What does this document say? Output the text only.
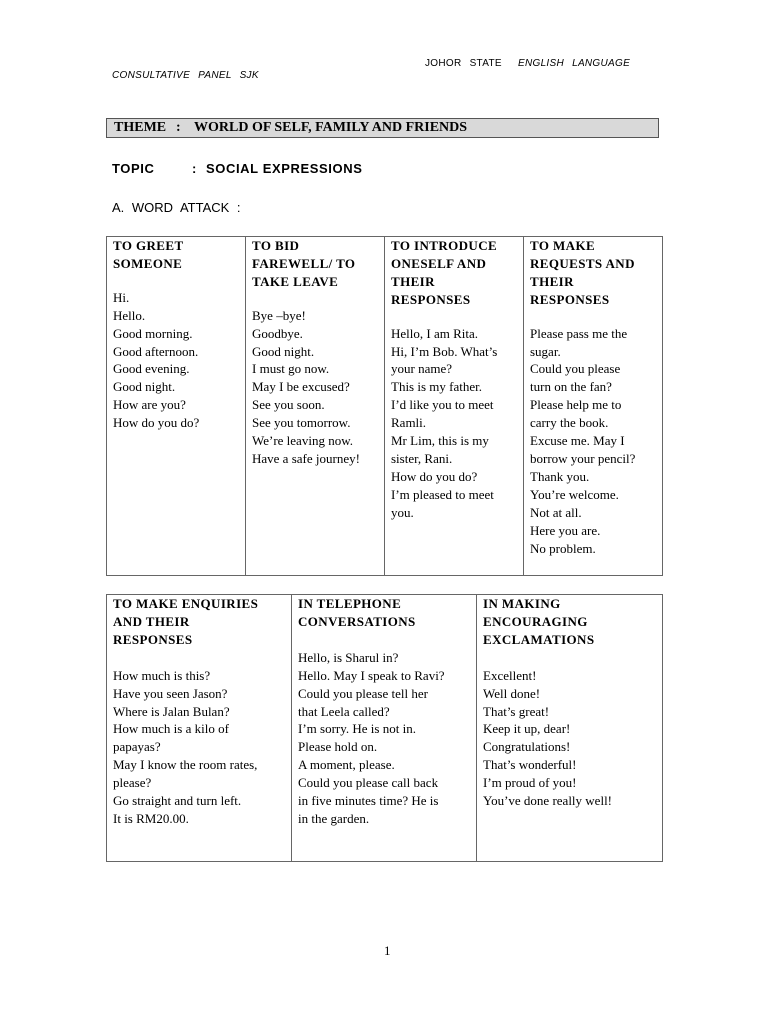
JOHOR STATE ENGLISH LANGUAGE
CONSULTATIVE PANEL SJK
THEME : WORLD OF SELF, FAMILY AND FRIENDS
TOPIC	: SOCIAL EXPRESSIONS
A. WORD ATTACK :
TO GREET
SOMEONE
Hi.
Hello.
Good morning.
Good afternoon.
Good evening.
Good night.
How are you?
How do you do?

TO BID
FAREWELL/ TO
TAKE LEAVE
Bye –bye!
Goodbye.
Good night.
I must go now.
May I be excused?
See you soon.
See you tomorrow.
We’re leaving now.
Have a safe journey!

TO INTRODUCE
ONESELF AND
THEIR
RESPONSES
Hello, I am Rita.
Hi, I’m Bob. What’s
your name?
This is my father.
I’d like you to meet
Ramli.
Mr Lim, this is my
sister, Rani.
How do you do?
I’m pleased to meet
you.

TO MAKE
REQUESTS AND
THEIR
RESPONSES
Please pass me the
sugar.
Could you please
turn on the fan?
Please help me to
carry the book.
Excuse me. May I
borrow your pencil?
Thank you.
You’re welcome.
Not at all.
Here you are.
No problem.
TO MAKE ENQUIRIES
AND THEIR
RESPONSES
How much is this?
Have you seen Jason?
Where is Jalan Bulan?
How much is a kilo of
papayas?
May I know the room rates,
please?
Go straight and turn left.
It is RM20.00.

IN TELEPHONE
CONVERSATIONS
Hello, is Sharul in?
Hello. May I speak to Ravi?
Could you please tell her
that Leela called?
I’m sorry. He is not in.
Please hold on.
A moment, please.
Could you please call back
in five minutes time? He is
in the garden.

IN MAKING
ENCOURAGING
EXCLAMATIONS
Excellent!
Well done!
That’s great!
Keep it up, dear!
Congratulations!
That’s wonderful!
I’m proud of you!
You’ve done really well!
1
